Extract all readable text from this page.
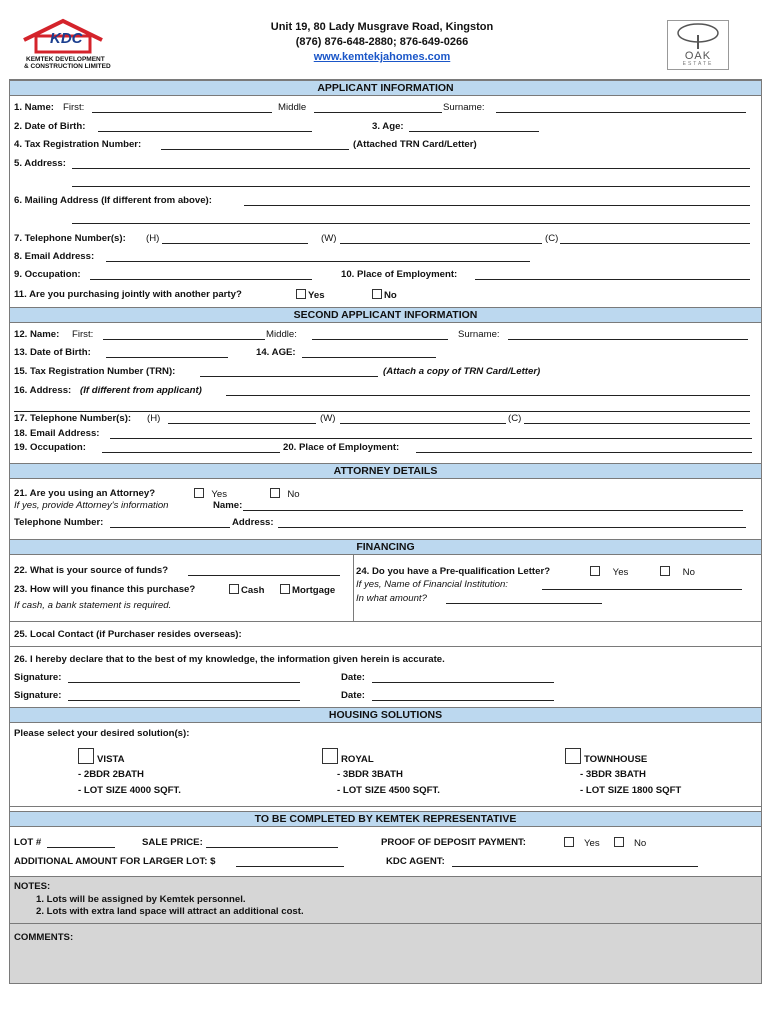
KDC
KEMTEK DEVELOPMENT
& CONSTRUCTION LIMITED
Unit 19, 80 Lady Musgrave Road, Kingston
(876) 876-648-2880; 876-649-0266
www.kemtekjahomes.com	OAK
ESTATE
APPLICANT INFORMATION
1. Name: First:	Middle	Surname:
2. Date of Birth:	3. Age:
4. Tax Registration Number:	(Attached TRN Card/Letter)
5. Address:
6. Mailing Address (If different from above):
7. Telephone Number(s): (H)	(W)	(C)
8. Email Address:
9. Occupation:	10. Place of Employment:
11. Are you purchasing jointly with another party?	Yes	No
SECOND APPLICANT INFORMATION
12. Name: First:	Middle:	Surname:
13. Date of Birth:	14. AGE:
15. Tax Registration Number (TRN):	(Attach a copy of TRN Card/Letter)
16. Address: (If different from applicant)
17. Telephone Number(s): (H)	(W)	(C)
18. Email Address:
19. Occupation:	20. Place of Employment:
ATTORNEY DETAILS
21. Are you using an Attorney?	Yes	No
If yes, provide Attorney's information	Name:
Telephone Number:	Address:
FINANCING
22. What is your source of funds?
23. How will you finance this purchase?	Cash	Mortgage
If cash, a bank statement is required.
24. Do you have a Pre-qualification Letter?	Yes	No
If yes, Name of Financial Institution:
In what amount?
25. Local Contact (if Purchaser resides overseas):
26. I hereby declare that to the best of my knowledge, the information given herein is accurate.
Signature:	Date:
Signature:	Date:
HOUSING SOLUTIONS
Please select your desired solution(s):
VISTA
- 2BDR 2BATH
- LOT SIZE 4000 SQFT.
ROYAL
- 3BDR 3BATH
- LOT SIZE 4500 SQFT.
TOWNHOUSE
- 3BDR 3BATH
- LOT SIZE 1800 SQFT
TO BE COMPLETED BY KEMTEK REPRESENTATIVE
LOT #	SALE PRICE:	PROOF OF DEPOSIT PAYMENT:	Yes	No
ADDITIONAL AMOUNT FOR LARGER LOT: $	KDC AGENT:
NOTES:
1. Lots will be assigned by Kemtek personnel.
2. Lots with extra land space will attract an additional cost.
COMMENTS:
